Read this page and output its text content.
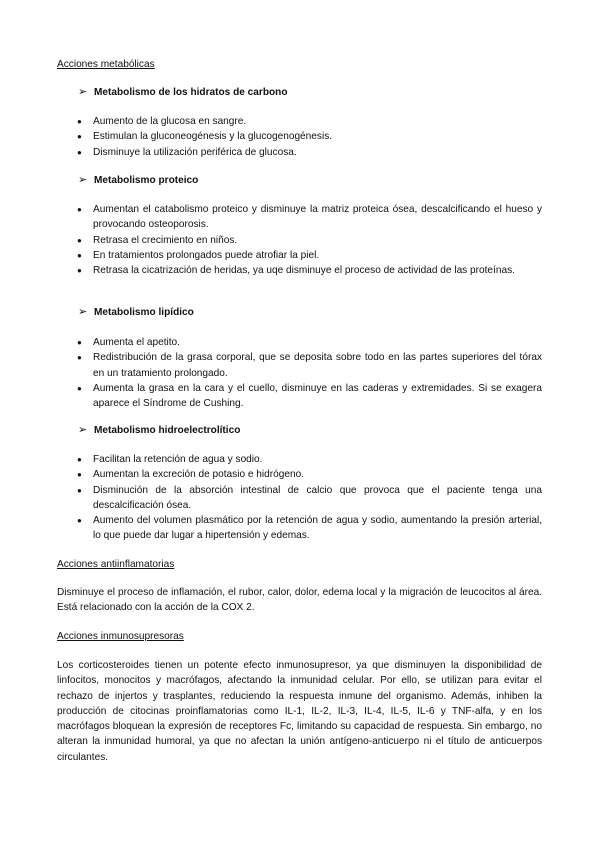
Acciones metabólicas
➢ Metabolismo de los hidratos de carbono
● Aumento de la glucosa en sangre.
● Estimulan la gluconeogénesis y la glucogenogénesis.
● Disminuye la utilización periférica de glucosa.
➢ Metabolismo proteico
● Aumentan el catabolismo proteico y disminuye la matriz proteica ósea, descalcificando el hueso y provocando osteoporosis.
● Retrasa el crecimiento en niños.
● En tratamientos prolongados puede atrofiar la piel.
● Retrasa la cicatrización de heridas, ya uqe disminuye el proceso de actividad de las proteínas.
➢ Metabolismo lipídico
● Aumenta el apetito.
● Redistribución de la grasa corporal, que se deposita sobre todo en las partes superiores del tórax en un tratamiento prolongado.
● Aumenta la grasa en la cara y el cuello, disminuye en las caderas y extremidades. Si se exagera aparece el Síndrome de Cushing.
➢ Metabolismo hidroelectrolítico
● Facilitan la retención de agua y sodio.
● Aumentan la excreción de potasio e hidrógeno.
● Disminución de la absorción intestinal de calcio que provoca que el paciente tenga una descalcificación ósea.
● Aumento del volumen plasmático por la retención de agua y sodio, aumentando la presión arterial, lo que puede dar lugar a hipertensión y edemas.
Acciones antiinflamatorias

Disminuye el proceso de inflamación, el rubor, calor, dolor, edema local y la migración de leucocitos al área. Está relacionado con la acción de la COX 2.

Acciones inmunosupresoras

Los corticosteroides tienen un potente efecto inmunosupresor, ya que disminuyen la disponibilidad de linfocitos, monocitos y macrófagos, afectando la inmunidad celular. Por ello, se utilizan para evitar el rechazo de injertos y trasplantes, reduciendo la respuesta inmune del organismo. Además, inhiben la producción de citocinas proinflamatorias como IL-1, IL-2, IL-3, IL-4, IL-5, IL-6 y TNF-alfa, y en los macrófagos bloquean la expresión de receptores Fc, limitando su capacidad de respuesta. Sin embargo, no alteran la inmunidad humoral, ya que no afectan la unión antígeno-anticuerpo ni el título de anticuerpos circulantes.
